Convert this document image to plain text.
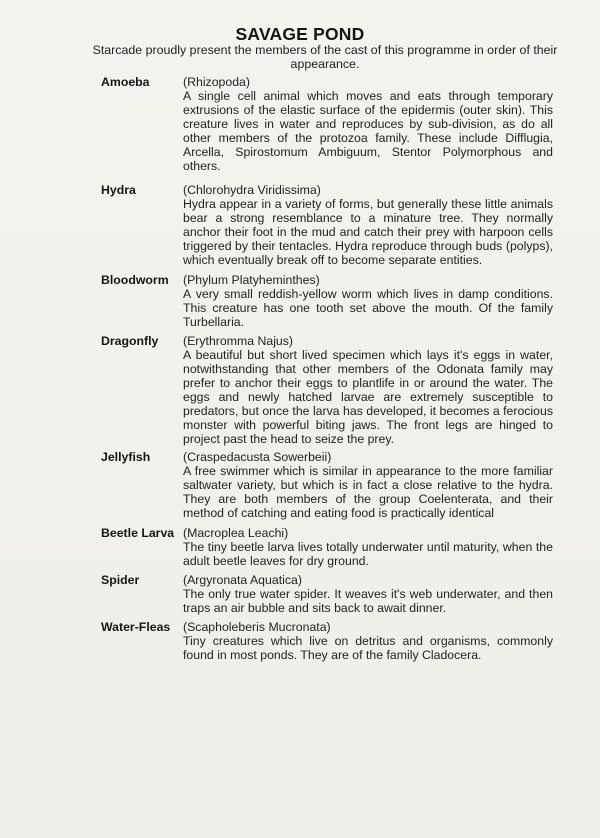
SAVAGE POND
Starcade proudly present the members of the cast of this programme in order of their appearance.
Amoeba	(Rhizopoda)
A single cell animal which moves and eats through temporary extrusions of the elastic surface of the epidermis (outer skin). This creature lives in water and reproduces by sub-division, as do all other members of the protozoa family. These include Difflugia, Arcella, Spirostomum Ambiguum, Stentor Polymorphous and others.
Hydra	(Chlorohydra Viridissima)
Hydra appear in a variety of forms, but generally these little animals bear a strong resemblance to a minature tree. They normally anchor their foot in the mud and catch their prey with harpoon cells triggered by their tentacles. Hydra reproduce through buds (polyps), which eventually break off to become separate entities.
Bloodworm	(Phylum Platyheminthes)
A very small reddish-yellow worm which lives in damp conditions. This creature has one tooth set above the mouth. Of the family Turbellaria.
Dragonfly	(Erythromma Najus)
A beautiful but short lived specimen which lays it's eggs in water, notwithstanding that other members of the Odonata family may prefer to anchor their eggs to plantlife in or around the water. The eggs and newly hatched larvae are extremely susceptible to predators, but once the larva has developed, it becomes a ferocious monster with powerful biting jaws. The front legs are hinged to project past the head to seize the prey.
Jellyfish	(Craspedacusta Sowerbeii)
A free swimmer which is similar in appearance to the more familiar saltwater variety, but which is in fact a close relative to the hydra. They are both members of the group Coelenterata, and their method of catching and eating food is practically identical
Beetle Larva (Macroplea Leachi)
The tiny beetle larva lives totally underwater until maturity, when the adult beetle leaves for dry ground.
Spider	(Argyronata Aquatica)
The only true water spider. It weaves it's web underwater, and then traps an air bubble and sits back to await dinner.
Water-Fleas	(Scapholeberis Mucronata)
Tiny creatures which live on detritus and organisms, commonly found in most ponds. They are of the family Cladocera.
